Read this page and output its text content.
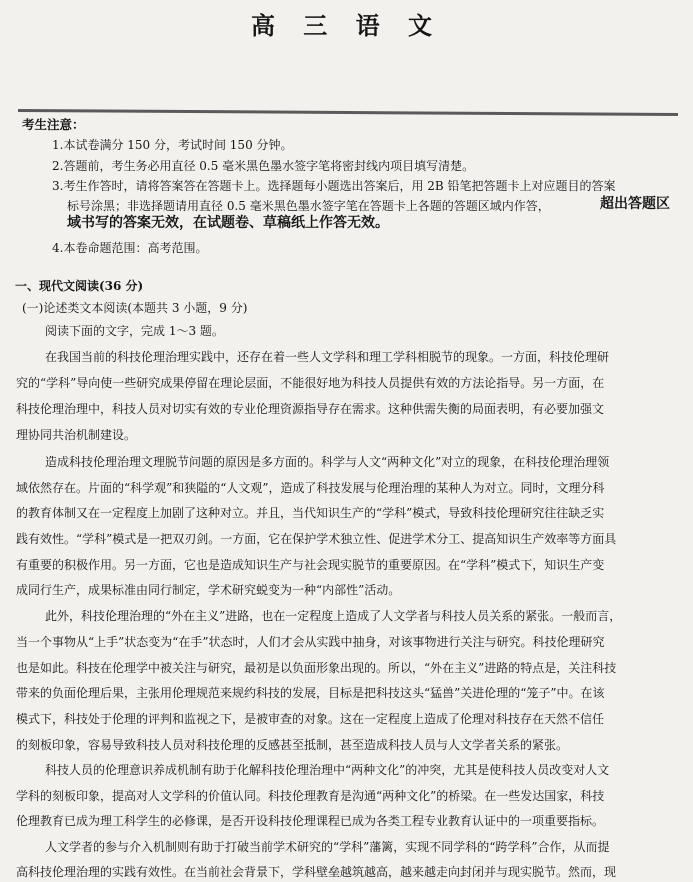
高 三 语 文
考生注意：
1.本试卷满分 150 分，考试时间 150 分钟。
2.答题前，考生务必用直径 0.5 毫米黑色墨水签字笔将密封线内项目填写清楚。
3.考生作答时，请将答案答在答题卡上。选择题每小题选出答案后，用 2B 铅笔把答题卡上对应题目的答案
标号涂黑；非选择题请用直径 0.5 毫米黑色墨水签字笔在答题卡上各题的答题区域内作答，	超出答题区
域书写的答案无效，在试题卷、草稿纸上作答无效。
4.本卷命题范围：高考范围。
一、现代文阅读(36 分)
(一)论述类文本阅读(本题共 3 小题，9 分)
阅读下面的文字，完成 1～3 题。
在我国当前的科技伦理治理实践中，还存在着一些人文学科和理工学科相脱节的现象。一方面，科技伦理研
究的“学科”导向使一些研究成果停留在理论层面，不能很好地为科技人员提供有效的方法论指导。另一方面，在
科技伦理治理中，科技人员对切实有效的专业伦理资源指导存在需求。这种供需失衡的局面表明，有必要加强文
理协同共治机制建设。
造成科技伦理治理文理脱节问题的原因是多方面的。科学与人文“两种文化”对立的现象，在科技伦理治理领
域依然存在。片面的“科学观”和狭隘的“人文观”，造成了科技发展与伦理治理的某种人为对立。同时，文理分科
的教育体制又在一定程度上加剧了这种对立。并且，当代知识生产的“学科”模式，导致科技伦理研究往往缺乏实
践有效性。“学科”模式是一把双刃剑。一方面，它在保护学术独立性、促进学术分工、提高知识生产效率等方面具
有重要的积极作用。另一方面，它也是造成知识生产与社会现实脱节的重要原因。在“学科”模式下，知识生产变
成同行生产，成果标准由同行制定，学术研究蜕变为一种“内部性”活动。
此外，科技伦理治理的“外在主义”进路，也在一定程度上造成了人文学者与科技人员关系的紧张。一般而言，
当一个事物从“上手”状态变为“在手”状态时，人们才会从实践中抽身，对该事物进行关注与研究。科技伦理研究
也是如此。科技在伦理学中被关注与研究，最初是以负面形象出现的。所以，“外在主义”进路的特点是，关注科技
带来的负面伦理后果，主张用伦理规范来规约科技的发展，目标是把科技这头“猛兽”关进伦理的“笼子”中。在该
模式下，科技处于伦理的评判和监视之下，是被审查的对象。这在一定程度上造成了伦理对科技存在天然不信任
的刻板印象，容易导致科技人员对科技伦理的反感甚至抵制，甚至造成科技人员与人文学者关系的紧张。
科技人员的伦理意识养成机制有助于化解科技伦理治理中“两种文化”的冲突，尤其是使科技人员改变对人文
学科的刻板印象，提高对人文学科的价值认同。科技伦理教育是沟通“两种文化”的桥梁。在一些发达国家，科技
伦理教育已成为理工科学生的必修课，是否开设科技伦理课程已成为各类工程专业教育认证中的一项重要指标。
人文学者的参与介入机制则有助于打破当前学术研究的“学科”藩篱，实现不同学科的“跨学科”合作，从而提
高科技伦理治理的实践有效性。在当前社会背景下，学科壁垒越筑越高，越来越走向封闭并与现实脱节。然而，现
